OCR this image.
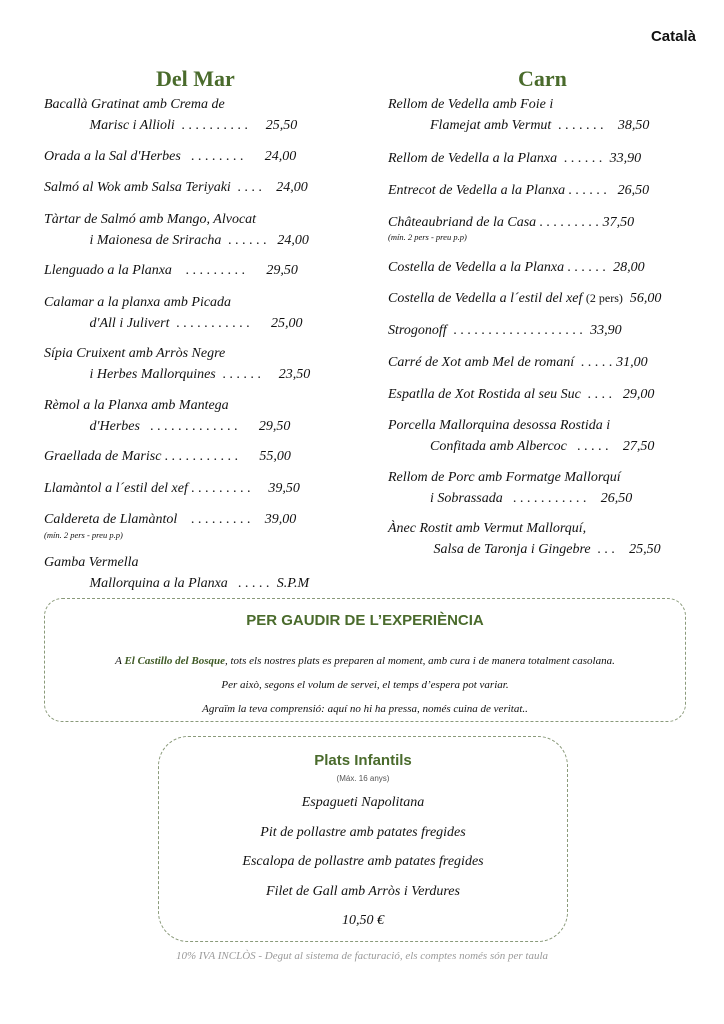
Català
Del Mar
Bacallà Gratinat amb Crema de
Marisc i Allioli  . . . . . . . . . .     25,50
Orada a la Sal d'Herbes   . . . . . . . .      24,00
Salmó al Wok amb Salsa Teriyaki  . . . .    24,00
Tàrtar de Salmó amb Mango, Alvocat
i Maionesa de Sriracha  . . . . . .   24,00
Llenguado a la Planxa    . . . . . . . . .      29,50
Calamar a la planxa amb Picada
d'All i Julivert  . . . . . . . . . . .      25,00
Sípia Cruixent amb Arròs Negre
i Herbes Mallorquines  . . . . . .     23,50
Rèmol a la Planxa amb Mantega
d'Herbes   . . . . . . . . . . . . .      29,50
Graellada de Marisc . . . . . . . . . . .      55,00
Llamàntol a l´estil del xef . . . . . . . . .     39,50
Caldereta de Llamàntol    . . . . . . . . .    39,00
(mín. 2 pers - preu p.p)
Gamba Vermella
Mallorquina a la Planxa   . . . . .  S.P.M
Carn
Rellom de Vedella amb Foie i
Flamejat amb Vermut  . . . . . . .    38,50
Rellom de Vedella a la Planxa  . . . . . .  33,90
Entrecot de Vedella a la Planxa . . . . . .   26,50
Châteaubriand de la Casa . . . . . . . . . 37,50
(mín. 2 pers - preu p.p)
Costella de Vedella a la Planxa . . . . . .  28,00
Costella de Vedella a l´estil del xef (2 pers) 56,00
Strogonoff  . . . . . . . . . . . . . . . . . . .  33,90
Carré de Xot amb Mel de romaní  . . . . . 31,00
Espatlla de Xot Rostida al seu Suc  . . . .   29,00
Porcella Mallorquina desossa Rostida i
Confitada amb Albercoc   . . . . .    27,50
Rellom de Porc amb Formatge Mallorquí
i Sobrassada   . . . . . . . . . . .    26,50
Ànec Rostit amb Vermut Mallorquí,
Salsa de Taronja i Gingebre  . . .    25,50
PER GAUDIR DE L’EXPERIÈNCIA
A El Castillo del Bosque, tots els nostres plats es preparen al moment, amb cura i de manera totalment casolana.
Per això, segons el volum de servei, el temps d’espera pot variar.
Agraïm la teva comprensió: aquí no hi ha pressa, només cuina de veritat..
Plats Infantils
(Máx. 16 anys)
Espagueti Napolitana
Pit de pollastre amb patates fregides
Escalopa de pollastre amb patates fregides
Filet de Gall amb Arròs i Verdures
10,50 €
10% IVA INCLÒS - Degut al sistema de facturació, els comptes només són per taula
